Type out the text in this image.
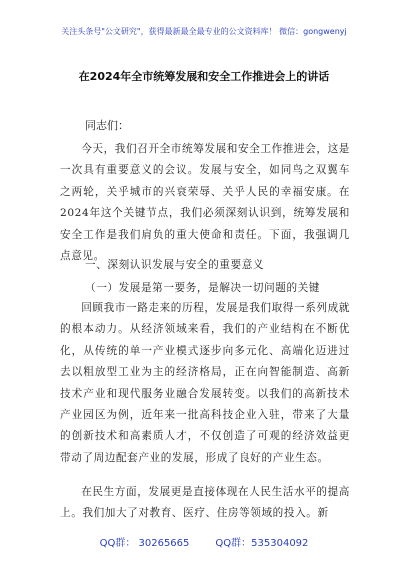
关注头条号"公文研究"，获得最新最全最专业的公文资料库！ 微信：gongwenyj
在2024年全市统筹发展和安全工作推进会上的讲话
同志们：
今天，我们召开全市统筹发展和安全工作推进会，这是一次具有重要意义的会议。发展与安全，如同鸟之双翼车之两轮，关乎城市的兴衰荣辱、关乎人民的幸福安康。在2024年这个关键节点，我们必须深刻认识到，统筹发展和安全工作是我们肩负的重大使命和责任。下面，我强调几点意见。
一、深刻认识发展与安全的重要意义
（一）发展是第一要务，是解决一切问题的关键
回顾我市一路走来的历程，发展是我们取得一系列成就的根本动力。从经济领域来看，我们的产业结构在不断优化，从传统的单一产业模式逐步向多元化、高端化迈进过去以粗放型工业为主的经济格局，正在向智能制造、高新技术产业和现代服务业融合发展转变。以我们的高新技术产业园区为例，近年来一批高科技企业入驻，带来了大量的创新技术和高素质人才，不仅创造了可观的经济效益更带动了周边配套产业的发展，形成了良好的产业生态。
在民生方面，发展更是直接体现在人民生活水平的提高上。我们加大了对教育、医疗、住房等领域的投入。新
QQ群： 30265665	QQ群：535304092
